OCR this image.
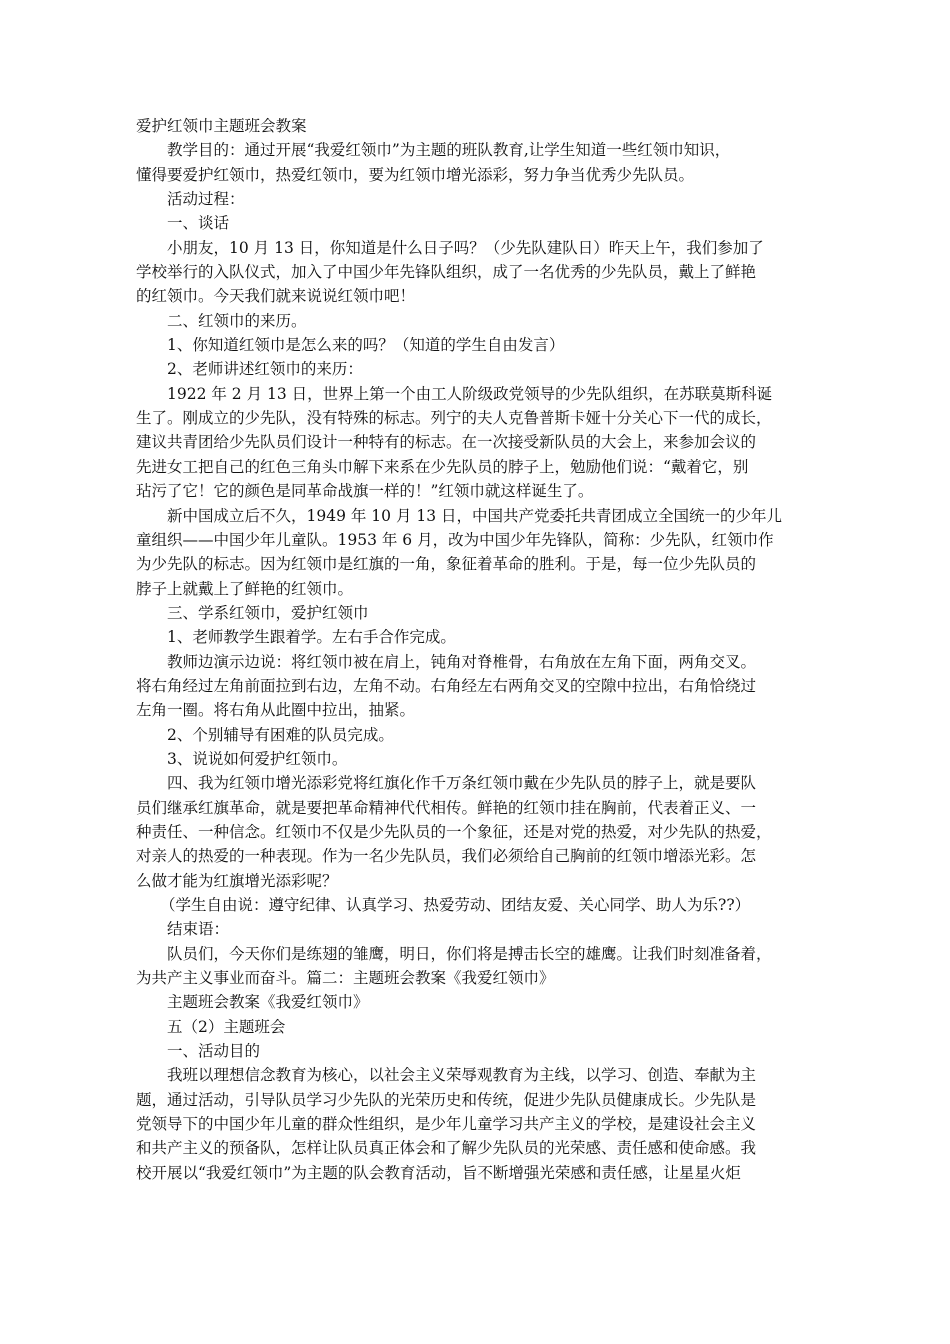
爱护红领巾主题班会教案
教学目的：通过开展“我爱红领巾”为主题的班队教育,让学生知道一些红领巾知识，
懂得要爱护红领巾，热爱红领巾，要为红领巾增光添彩，努力争当优秀少先队员。
活动过程：
一、谈话
小朋友，10 月 13 日，你知道是什么日子吗？（少先队建队日）昨天上午，我们参加了
学校举行的入队仪式，加入了中国少年先锋队组织，成了一名优秀的少先队员，戴上了鲜艳
的红领巾。今天我们就来说说红领巾吧！
二、红领巾的来历。
1、你知道红领巾是怎么来的吗？（知道的学生自由发言）
2、老师讲述红领巾的来历：
1922 年 2 月 13 日，世界上第一个由工人阶级政党领导的少先队组织，在苏联莫斯科诞
生了。刚成立的少先队，没有特殊的标志。列宁的夫人克鲁普斯卡娅十分关心下一代的成长，
建议共青团给少先队员们设计一种特有的标志。在一次接受新队员的大会上，来参加会议的
先进女工把自己的红色三角头巾解下来系在少先队员的脖子上，勉励他们说：“戴着它，别
玷污了它！它的颜色是同革命战旗一样的！”红领巾就这样诞生了。
新中国成立后不久，1949 年 10 月 13 日，中国共产党委托共青团成立全国统一的少年儿
童组织——中国少年儿童队。1953 年 6 月，改为中国少年先锋队，简称：少先队，红领巾作
为少先队的标志。因为红领巾是红旗的一角，象征着革命的胜利。于是，每一位少先队员的
脖子上就戴上了鲜艳的红领巾。
三、学系红领巾，爱护红领巾
1、老师教学生跟着学。左右手合作完成。
教师边演示边说：将红领巾被在肩上，钝角对脊椎骨，右角放在左角下面，两角交叉。
将右角经过左角前面拉到右边，左角不动。右角经左右两角交叉的空隙中拉出，右角恰绕过
左角一圈。将右角从此圈中拉出，抽紧。
2、个别辅导有困难的队员完成。
3、说说如何爱护红领巾。
四、我为红领巾增光添彩党将红旗化作千万条红领巾戴在少先队员的脖子上，就是要队
员们继承红旗革命，就是要把革命精神代代相传。鲜艳的红领巾挂在胸前，代表着正义、一
种责任、一种信念。红领巾不仅是少先队员的一个象征，还是对党的热爱，对少先队的热爱，
对亲人的热爱的一种表现。作为一名少先队员，我们必须给自己胸前的红领巾增添光彩。怎
么做才能为红旗增光添彩呢？
（学生自由说：遵守纪律、认真学习、热爱劳动、团结友爱、关心同学、助人为乐??）
结束语：
队员们，今天你们是练翅的雏鹰，明日，你们将是搏击长空的雄鹰。让我们时刻准备着，
为共产主义事业而奋斗。篇二：主题班会教案《我爱红领巾》
主题班会教案《我爱红领巾》
五（2）主题班会
一、活动目的
我班以理想信念教育为核心，以社会主义荣辱观教育为主线，以学习、创造、奉献为主
题，通过活动，引导队员学习少先队的光荣历史和传统，促进少先队员健康成长。少先队是
党领导下的中国少年儿童的群众性组织，是少年儿童学习共产主义的学校，是建设社会主义
和共产主义的预备队，怎样让队员真正体会和了解少先队员的光荣感、责任感和使命感。我
校开展以“我爱红领巾”为主题的队会教育活动，旨不断增强光荣感和责任感，让星星火炬
